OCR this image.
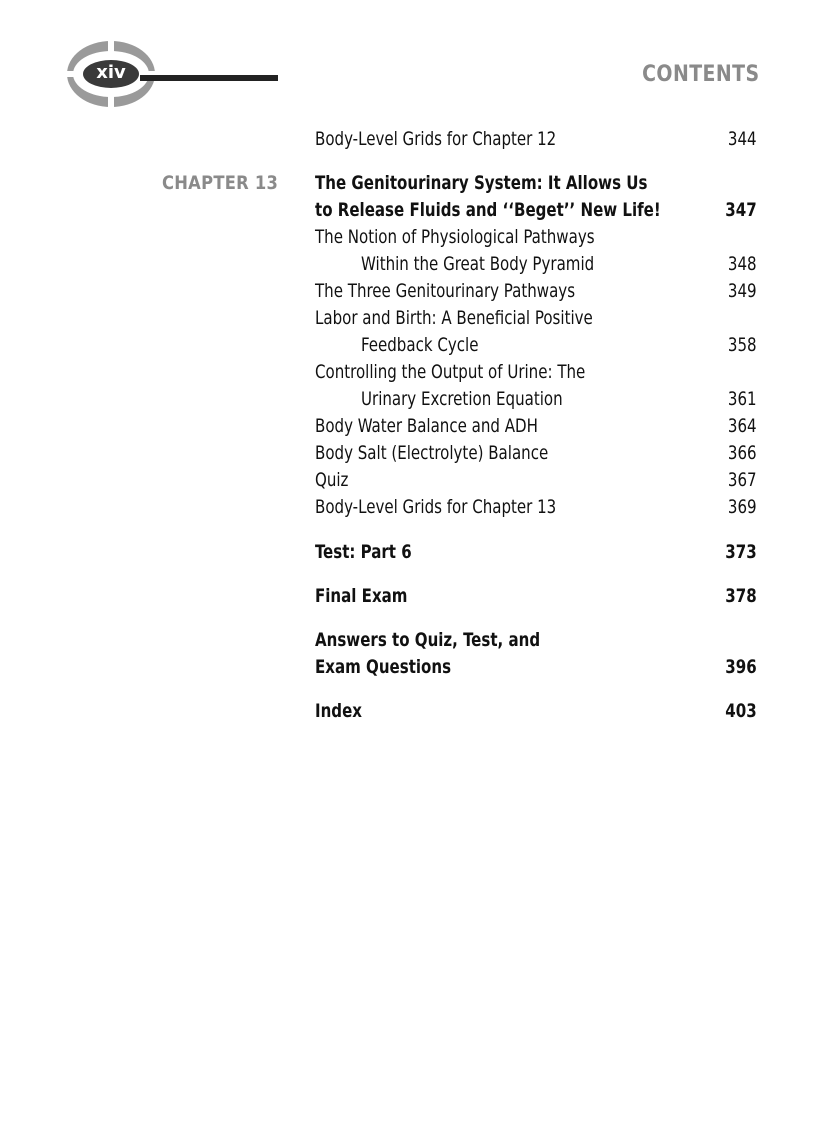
xiv	CONTENTS
Body-Level Grids for Chapter 12	344
CHAPTER 13 The Genitourinary System: It Allows Us
to Release Fluids and ‘‘Beget’’ New Life!	347
The Notion of Physiological Pathways
Within the Great Body Pyramid	348
The Three Genitourinary Pathways	349
Labor and Birth: A Beneficial Positive
Feedback Cycle	358
Controlling the Output of Urine: The
Urinary Excretion Equation	361
Body Water Balance and ADH	364
Body Salt (Electrolyte) Balance	366
Quiz	367
Body-Level Grids for Chapter 13	369
Test: Part 6	373
Final Exam	378
Answers to Quiz, Test, and
Exam Questions	396
Index	403
